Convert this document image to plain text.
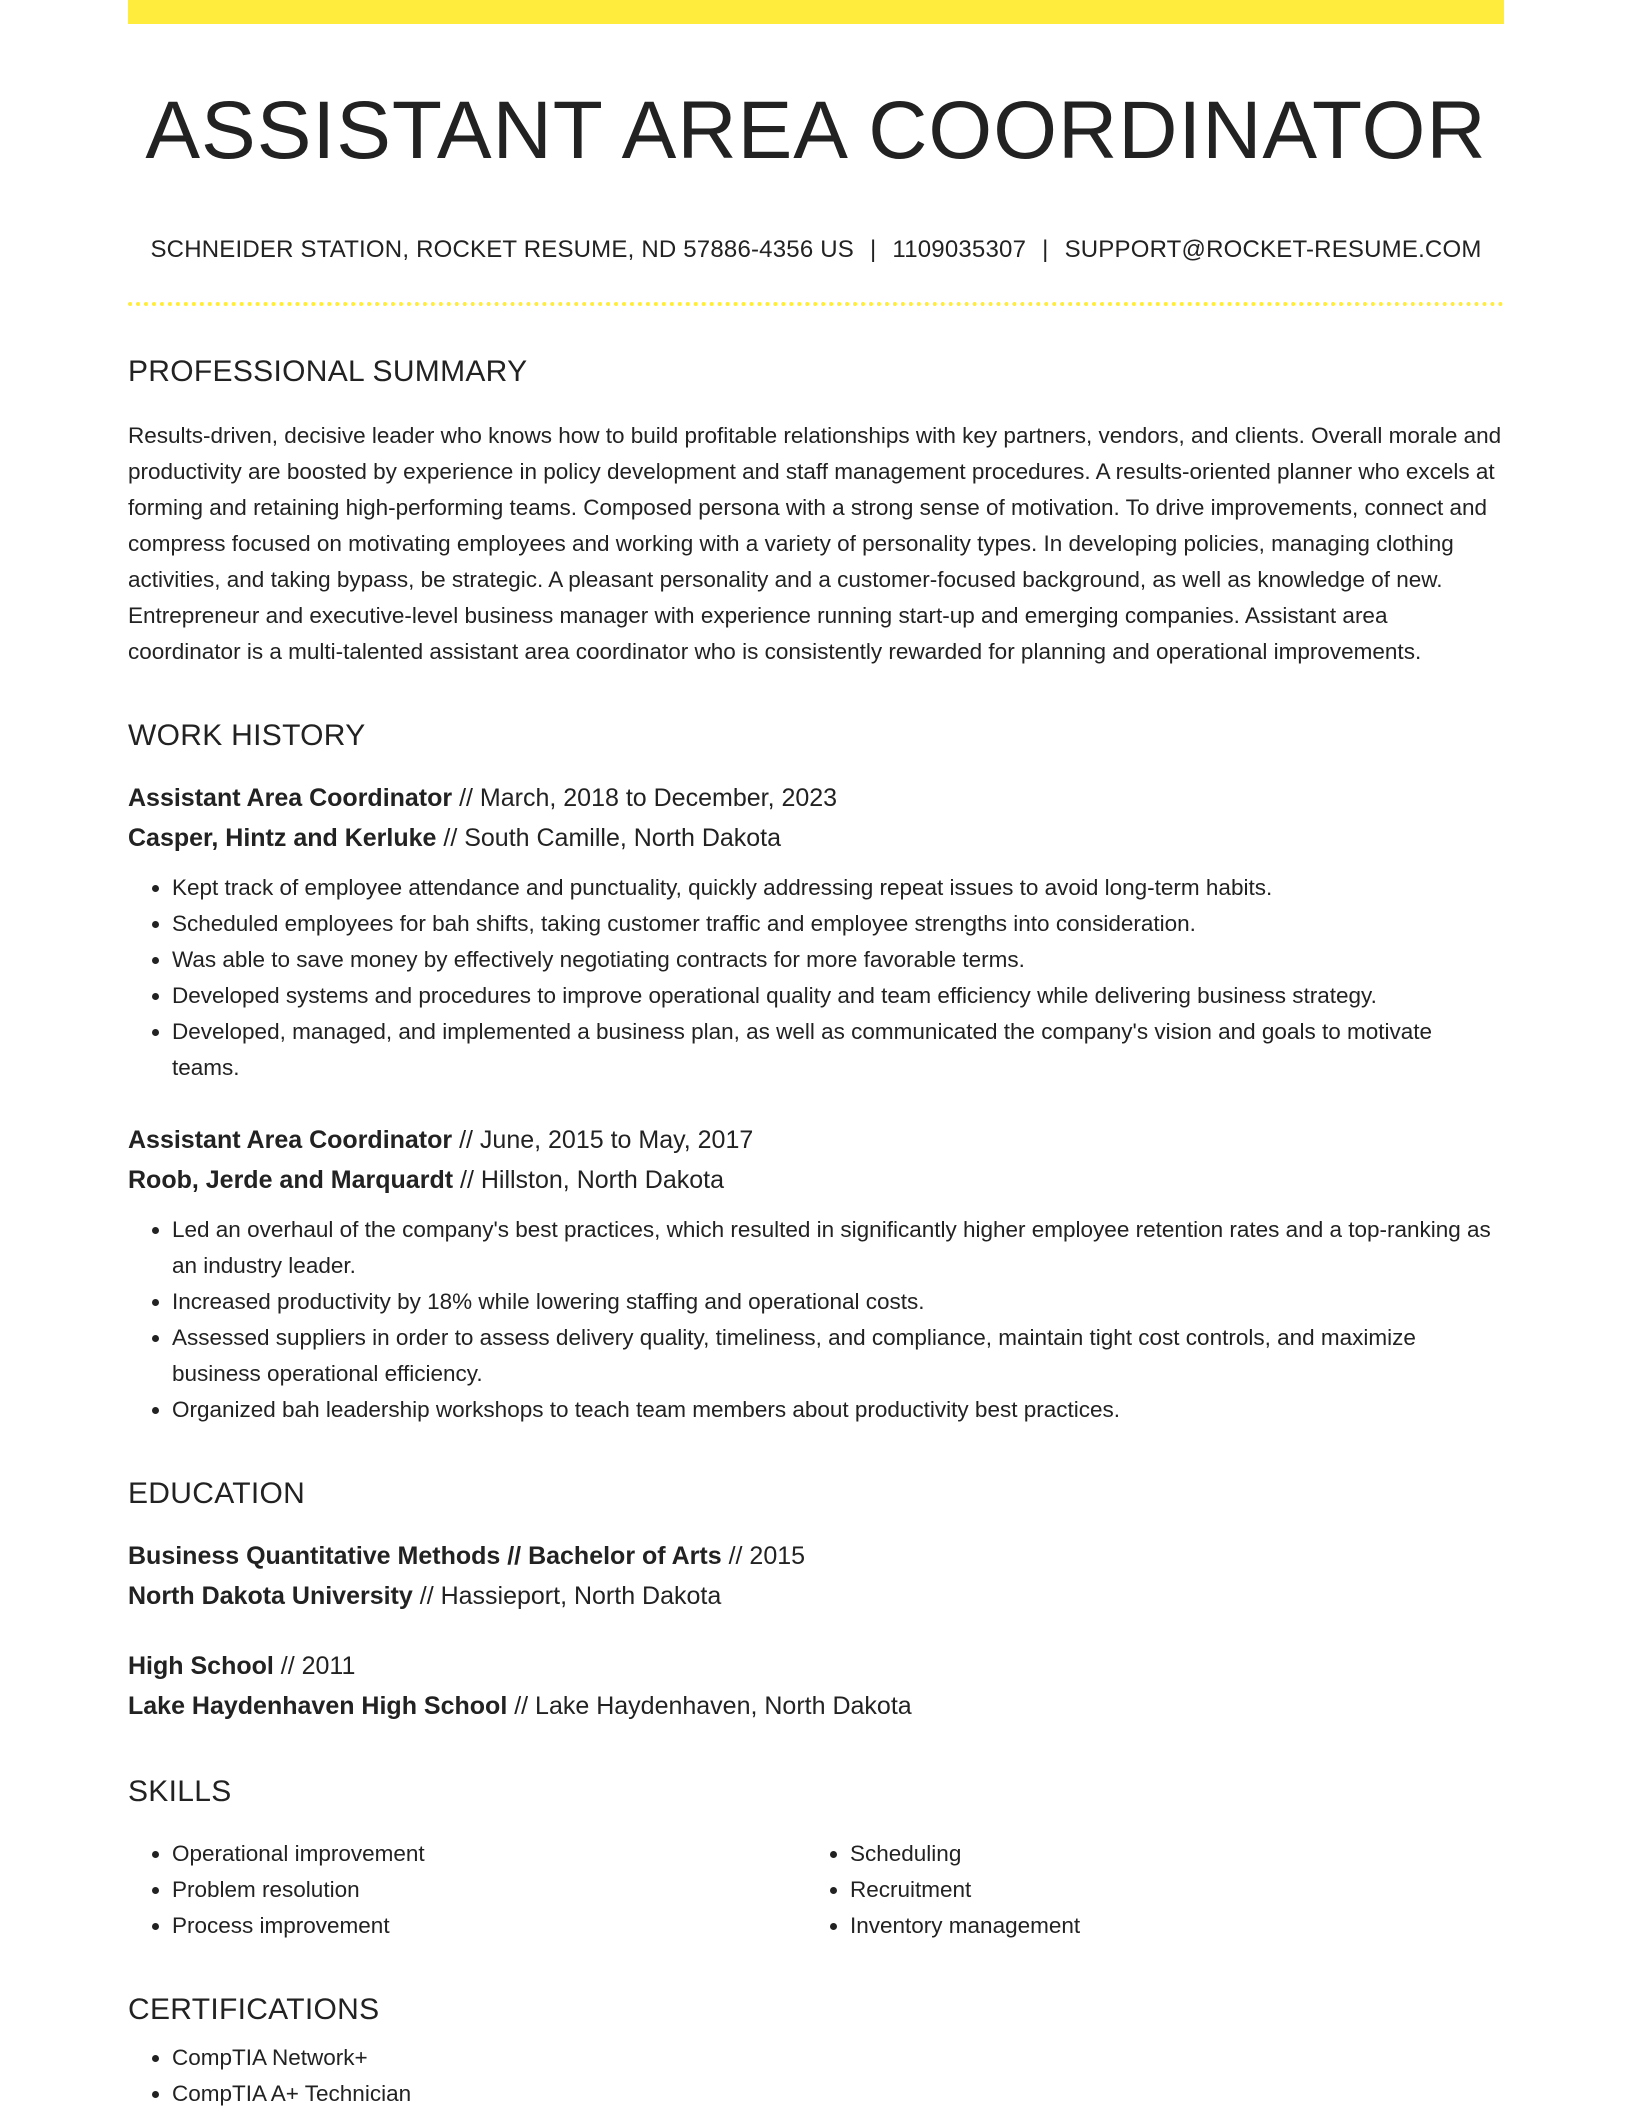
ASSISTANT AREA COORDINATOR
SCHNEIDER STATION, ROCKET RESUME, ND 57886-4356 US | 1109035307 | SUPPORT@ROCKET-RESUME.COM
PROFESSIONAL SUMMARY
Results-driven, decisive leader who knows how to build profitable relationships with key partners, vendors, and clients. Overall morale and productivity are boosted by experience in policy development and staff management procedures. A results-oriented planner who excels at forming and retaining high-performing teams. Composed persona with a strong sense of motivation. To drive improvements, connect and compress focused on motivating employees and working with a variety of personality types. In developing policies, managing clothing activities, and taking bypass, be strategic. A pleasant personality and a customer-focused background, as well as knowledge of new. Entrepreneur and executive-level business manager with experience running start-up and emerging companies. Assistant area coordinator is a multi-talented assistant area coordinator who is consistently rewarded for planning and operational improvements.
WORK HISTORY
Assistant Area Coordinator // March, 2018 to December, 2023
Casper, Hintz and Kerluke // South Camille, North Dakota
• Kept track of employee attendance and punctuality, quickly addressing repeat issues to avoid long-term habits.
• Scheduled employees for bah shifts, taking customer traffic and employee strengths into consideration.
• Was able to save money by effectively negotiating contracts for more favorable terms.
• Developed systems and procedures to improve operational quality and team efficiency while delivering business strategy.
• Developed, managed, and implemented a business plan, as well as communicated the company's vision and goals to motivate teams.
Assistant Area Coordinator // June, 2015 to May, 2017
Roob, Jerde and Marquardt // Hillston, North Dakota
• Led an overhaul of the company's best practices, which resulted in significantly higher employee retention rates and a top-ranking as an industry leader.
• Increased productivity by 18% while lowering staffing and operational costs.
• Assessed suppliers in order to assess delivery quality, timeliness, and compliance, maintain tight cost controls, and maximize business operational efficiency.
• Organized bah leadership workshops to teach team members about productivity best practices.
EDUCATION
Business Quantitative Methods // Bachelor of Arts // 2015
North Dakota University // Hassieport, North Dakota
High School // 2011
Lake Haydenhaven High School // Lake Haydenhaven, North Dakota
SKILLS
• Operational improvement
• Problem resolution
• Process improvement
• Scheduling
• Recruitment
• Inventory management
CERTIFICATIONS
• CompTIA Network+
• CompTIA A+ Technician
